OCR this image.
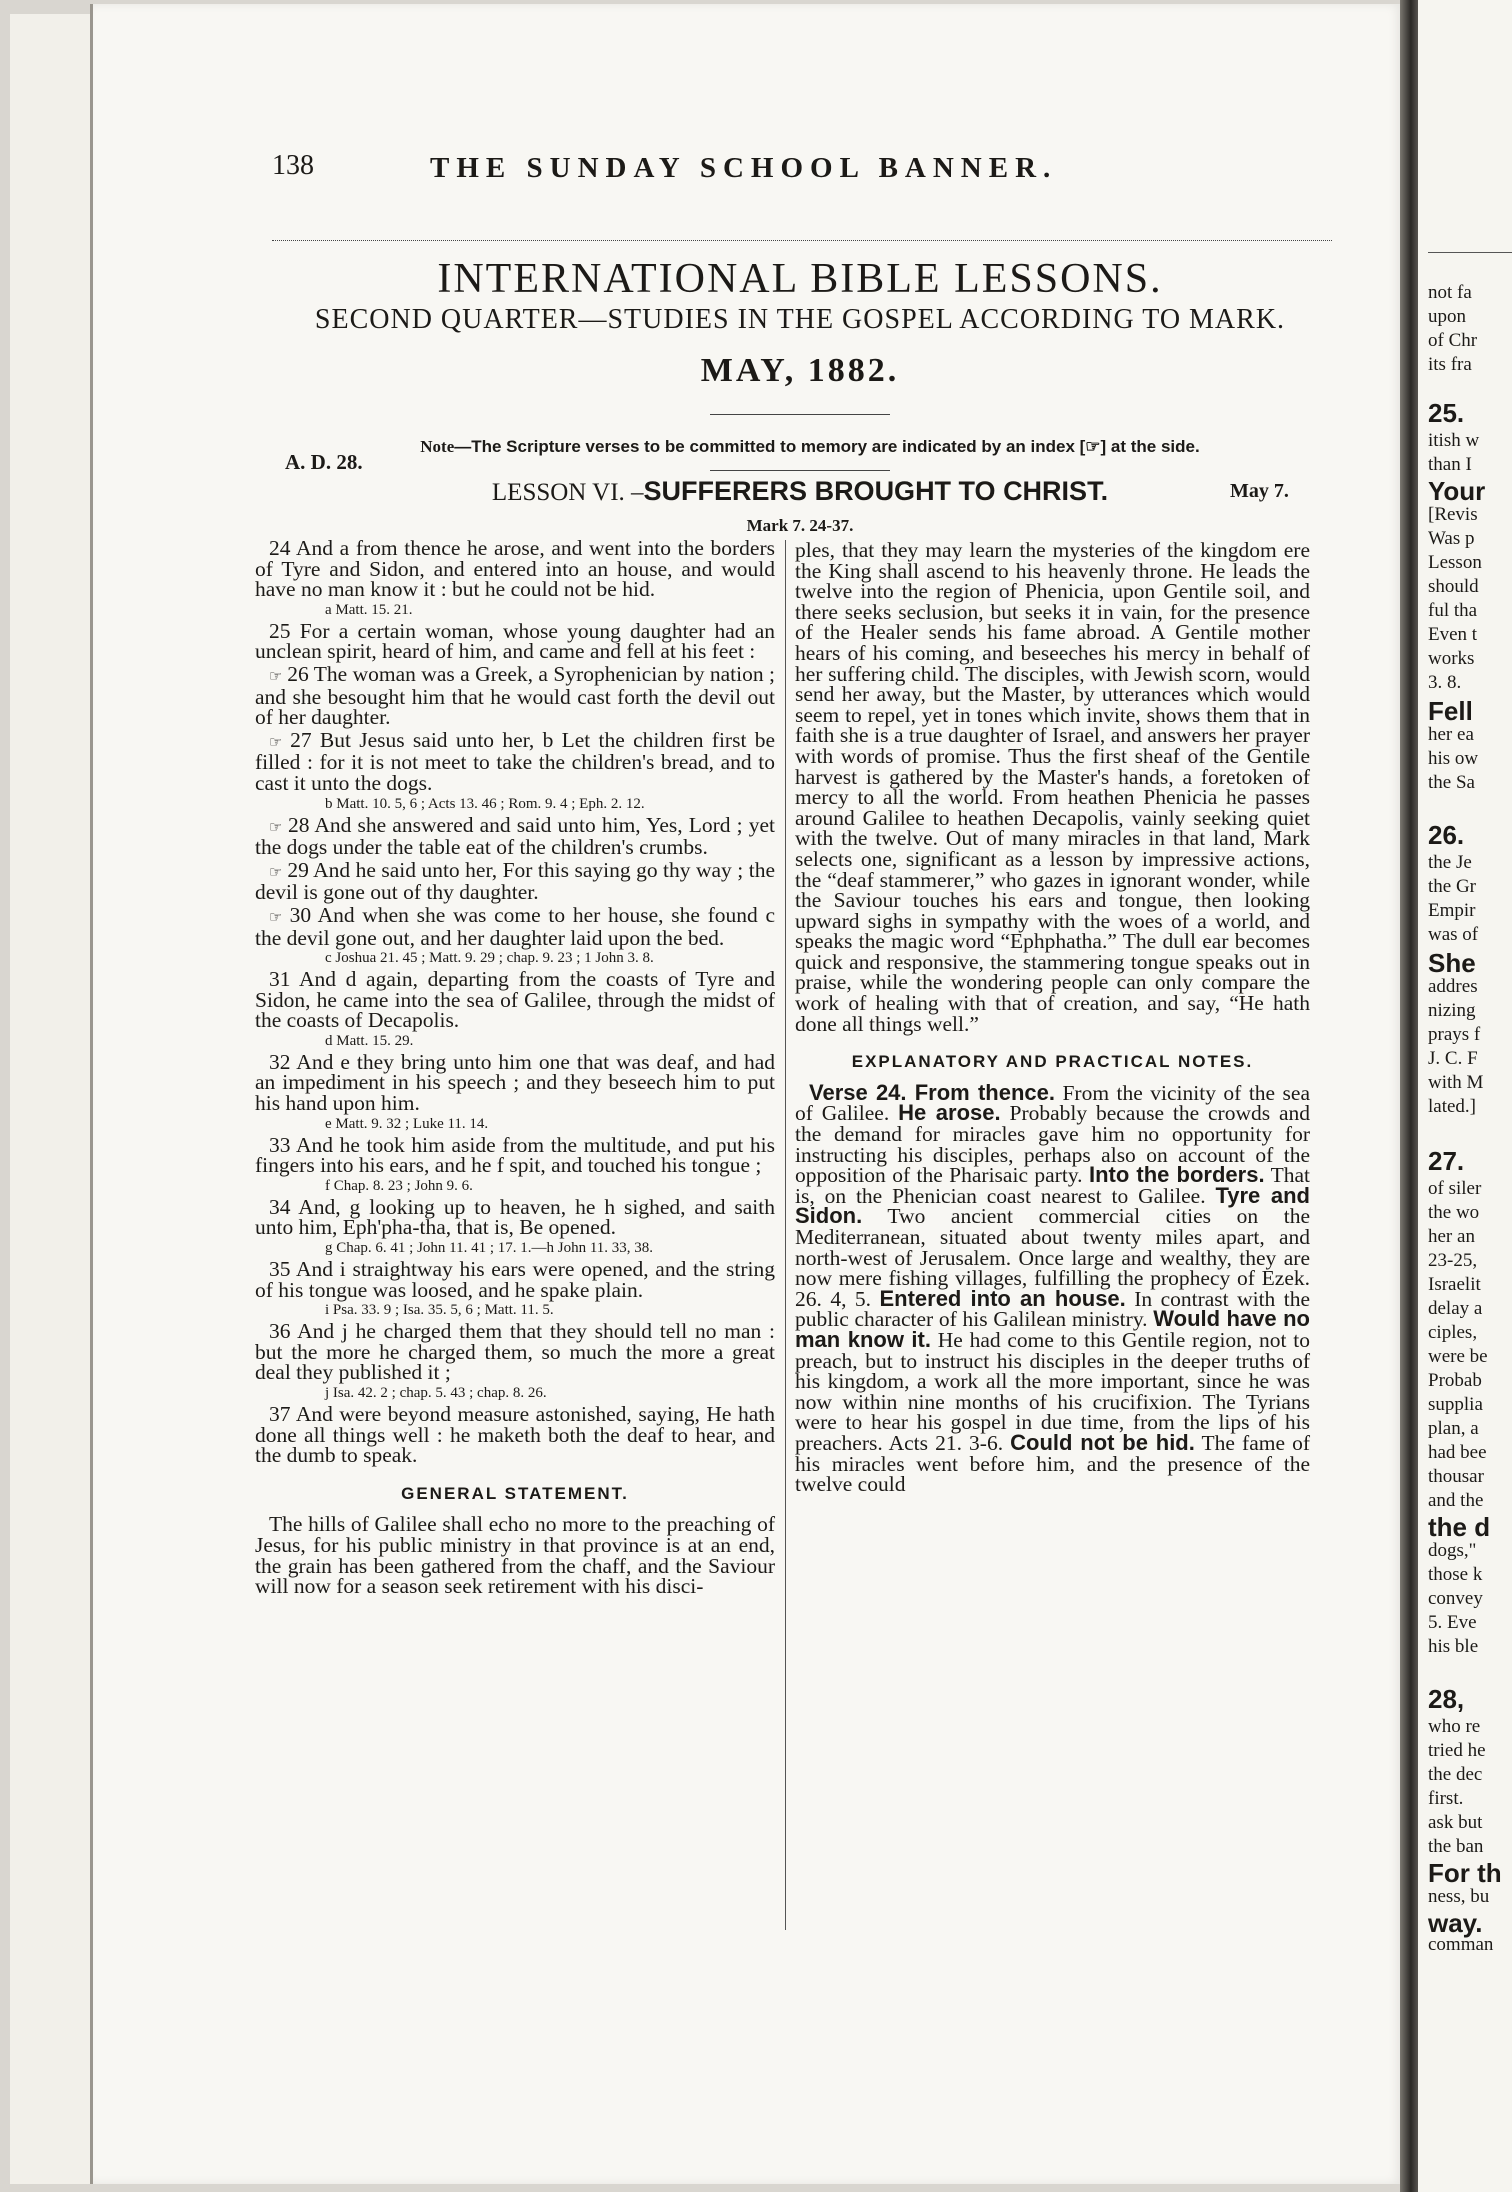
not fa
upon
of Chr
its fra
25.
itish w
than I
Your
[Revis
Was p
Lesson
should
ful tha
Even t
works
3. 8.
Fell
her ea
his ow
the Sa
26.
the Je
the Gr
Empir
was of
She
addres
nizing
prays f
J. C. F
with M
lated.]
27.
of siler
the wo
her an
23-25,
Israelit
delay a
ciples,
were be
Probab
supplia
plan, a
had bee
thousar
and the
the d
dogs,"
those k
convey
5. Eve
his ble
28,
who re
tried he
the dec
first.
ask but
the ban
For th
ness, bu
way.
comman
138	THE SUNDAY SCHOOL BANNER.
INTERNATIONAL BIBLE LESSONS.
SECOND QUARTER—STUDIES IN THE GOSPEL ACCORDING TO MARK.
MAY, 1882.
Note—The Scripture verses to be committed to memory are indicated by an index [☞] at the side.
A. D. 28.
LESSON VI. –SUFFERERS BROUGHT TO CHRIST.	May 7.
Mark 7. 24-37.

24 And a from thence he arose, and went into the borders of Tyre and Sidon, and entered into an house, and would have no man know it : but he could not be hid.

a Matt. 15. 21.

25 For a certain woman, whose young daughter had an unclean spirit, heard of him, and came and fell at his feet :

☞ 26 The woman was a Greek, a Syrophenician by nation ; and she besought him that he would cast forth the devil out of her daughter.

☞ 27 But Jesus said unto her, b Let the children first be filled : for it is not meet to take the children's bread, and to cast it unto the dogs.

b Matt. 10. 5, 6 ; Acts 13. 46 ; Rom. 9. 4 ; Eph. 2. 12.

☞ 28 And she answered and said unto him, Yes, Lord ; yet the dogs under the table eat of the children's crumbs.

☞ 29 And he said unto her, For this saying go thy way ; the devil is gone out of thy daughter.

☞ 30 And when she was come to her house, she found c the devil gone out, and her daughter laid upon the bed.

c Joshua 21. 45 ; Matt. 9. 29 ; chap. 9. 23 ; 1 John 3. 8.

31 And d again, departing from the coasts of Tyre and Sidon, he came into the sea of Galilee, through the midst of the coasts of Decapolis.

d Matt. 15. 29.

32 And e they bring unto him one that was deaf, and had an impediment in his speech ; and they beseech him to put his hand upon him.

e Matt. 9. 32 ; Luke 11. 14.

33 And he took him aside from the multitude, and put his fingers into his ears, and he f spit, and touched his tongue ;

f Chap. 8. 23 ; John 9. 6.

34 And, g looking up to heaven, he h sighed, and saith unto him, Eph'pha-tha, that is, Be opened.

g Chap. 6. 41 ; John 11. 41 ; 17. 1.—h John 11. 33, 38.

35 And i straightway his ears were opened, and the string of his tongue was loosed, and he spake plain.

i Psa. 33. 9 ; Isa. 35. 5, 6 ; Matt. 11. 5.

36 And j he charged them that they should tell no man : but the more he charged them, so much the more a great deal they published it ;

j Isa. 42. 2 ; chap. 5. 43 ; chap. 8. 26.

37 And were beyond measure astonished, saying, He hath done all things well : he maketh both the deaf to hear, and the dumb to speak.

GENERAL STATEMENT.

The hills of Galilee shall echo no more to the preaching of Jesus, for his public ministry in that province is at an end, the grain has been gathered from the chaff, and the Saviour will now for a season seek retirement with his disci-

ples, that they may learn the mysteries of the kingdom ere the King shall ascend to his heavenly throne. He leads the twelve into the region of Phenicia, upon Gentile soil, and there seeks seclusion, but seeks it in vain, for the presence of the Healer sends his fame abroad. A Gentile mother hears of his coming, and beseeches his mercy in behalf of her suffering child. The disciples, with Jewish scorn, would send her away, but the Master, by utterances which would seem to repel, yet in tones which invite, shows them that in faith she is a true daughter of Israel, and answers her prayer with words of promise. Thus the first sheaf of the Gentile harvest is gathered by the Master's hands, a foretoken of mercy to all the world. From heathen Phenicia he passes around Galilee to heathen Decapolis, vainly seeking quiet with the twelve. Out of many miracles in that land, Mark selects one, significant as a lesson by impressive actions, the “deaf stammerer,” who gazes in ignorant wonder, while the Saviour touches his ears and tongue, then looking upward sighs in sympathy with the woes of a world, and speaks the magic word “Ephphatha.” The dull ear becomes quick and responsive, the stammering tongue speaks out in praise, while the wondering people can only compare the work of healing with that of creation, and say, “He hath done all things well.”

EXPLANATORY AND PRACTICAL NOTES.

Verse 24. From thence. From the vicinity of the sea of Galilee. He arose. Probably because the crowds and the demand for miracles gave him no opportunity for instructing his disciples, perhaps also on account of the opposition of the Pharisaic party. Into the borders. That is, on the Phenician coast nearest to Galilee. Tyre and Sidon. Two ancient commercial cities on the Mediterranean, situated about twenty miles apart, and north-west of Jerusalem. Once large and wealthy, they are now mere fishing villages, fulfilling the prophecy of Ezek. 26. 4, 5. Entered into an house. In contrast with the public character of his Galilean ministry. Would have no man know it. He had come to this Gentile region, not to preach, but to instruct his disciples in the deeper truths of his kingdom, a work all the more important, since he was now within nine months of his crucifixion. The Tyrians were to hear his gospel in due time, from the lips of his preachers. Acts 21. 3-6. Could not be hid. The fame of his miracles went before him, and the presence of the twelve could
